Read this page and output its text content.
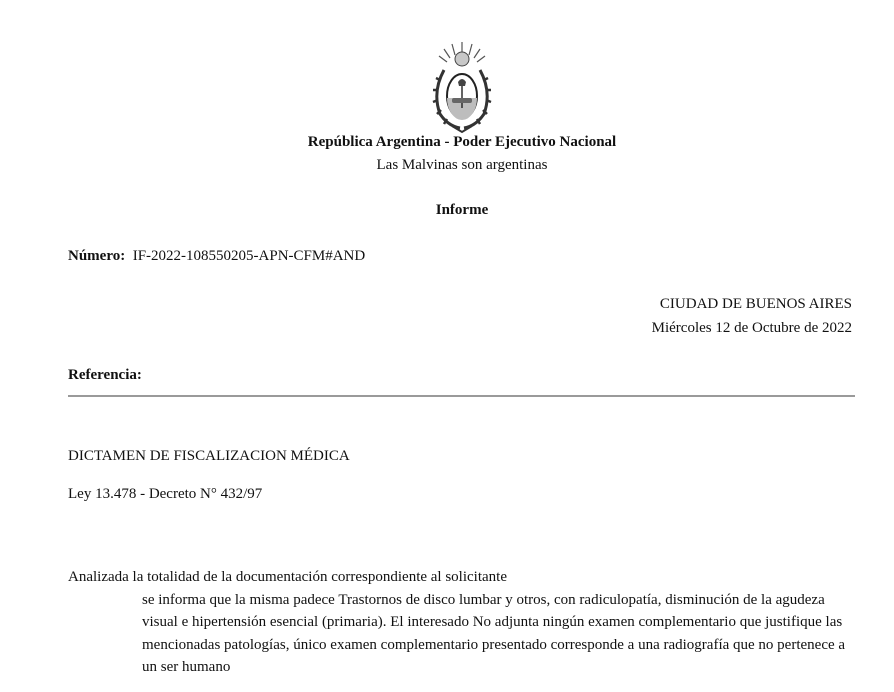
República Argentina - Poder Ejecutivo Nacional
Las Malvinas son argentinas
Informe
Número: IF-2022-108550205-APN-CFM#AND
CIUDAD DE BUENOS AIRES
Miércoles 12 de Octubre de 2022
Referencia:
DICTAMEN DE FISCALIZACION MÉDICA
Ley 13.478 - Decreto N° 432/97

Analizada la totalidad de la documentación correspondiente al solicitante

se informa que la misma padece Trastornos de disco lumbar y otros, con radiculopatía, disminución de la agudeza visual e hipertensión esencial (primaria). El interesado No adjunta ningún examen complementario que justifique las mencionadas patologías, único examen complementario presentado corresponde a una radiografía que no pertenece a un ser humano
